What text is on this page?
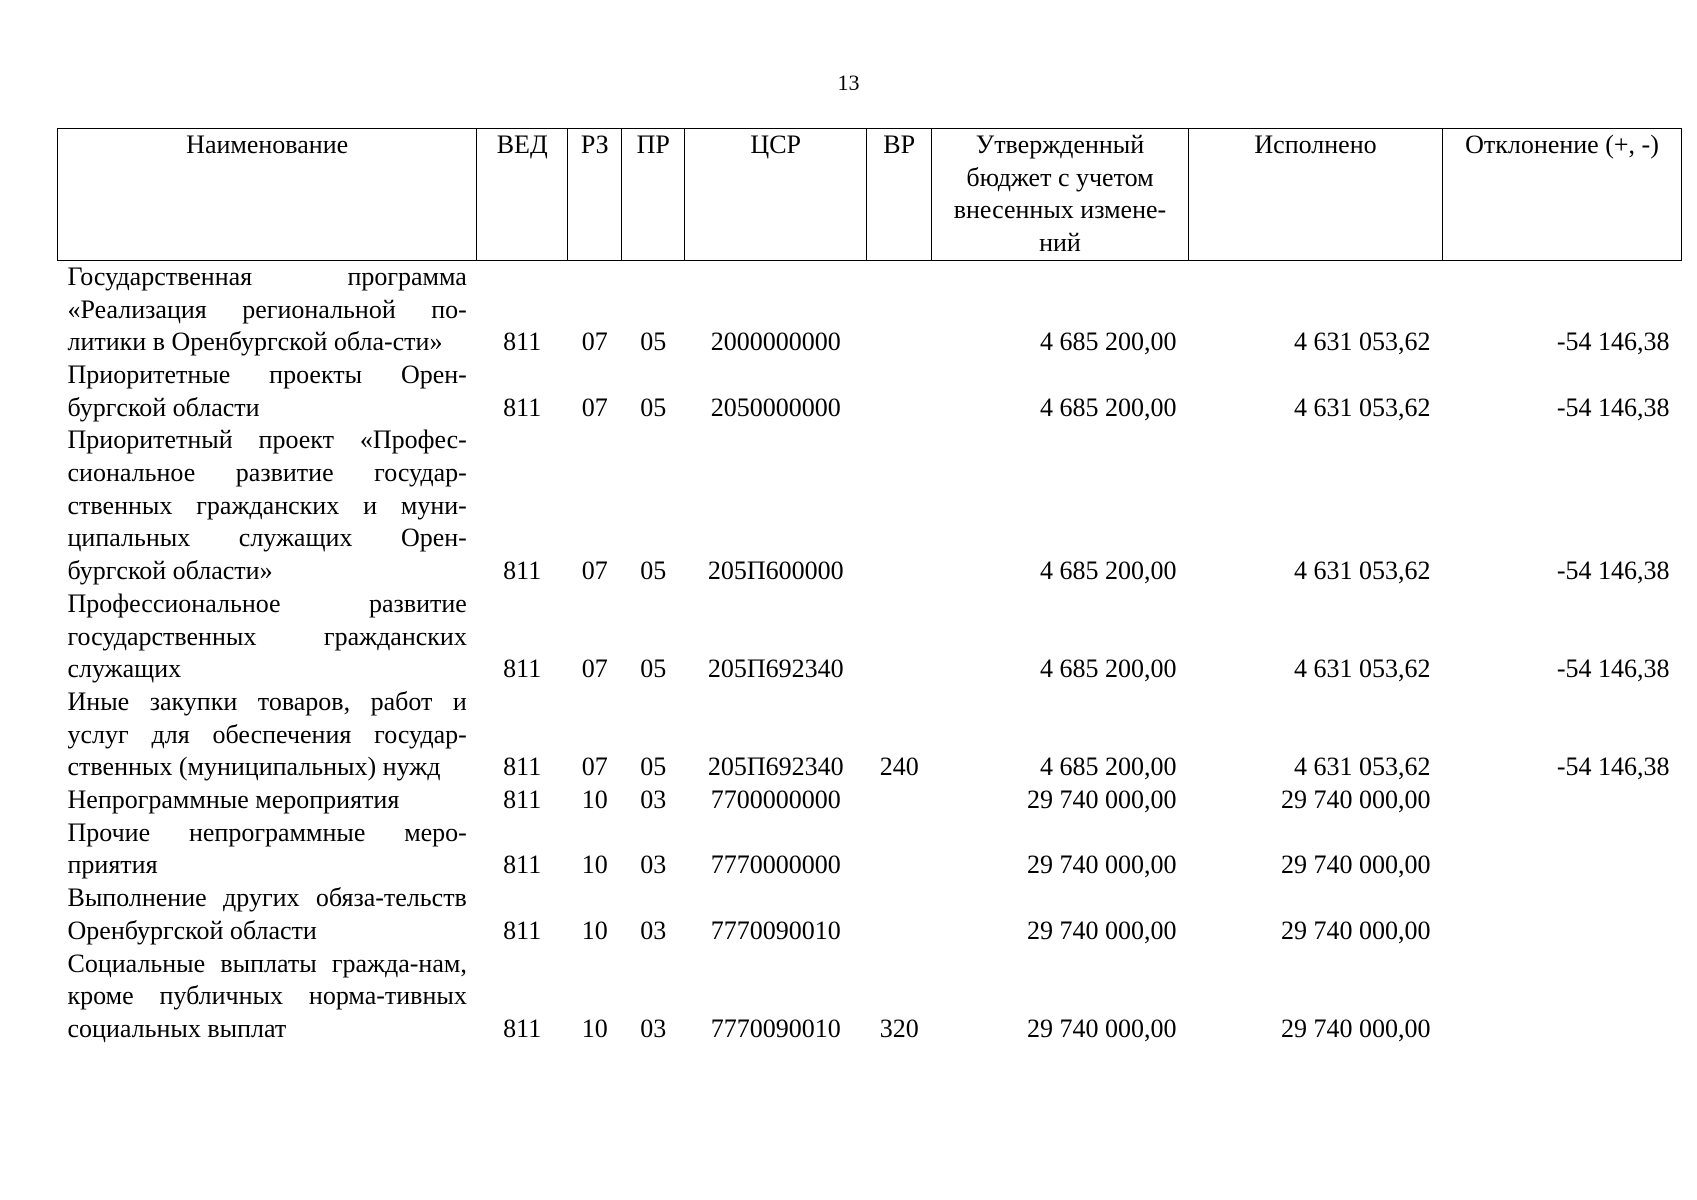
13
Наименование	ВЕД	РЗ	ПР	ЦСР	ВР	Утвержденный бюджет с учетом внесенных измене-ний	Исполнено	Отклонение (+, -)
Государственная программа «Реализация региональной по-литики в Оренбургской обла-сти»	811	07	05	2000000000		4 685 200,00	4 631 053,62	-54 146,38
Приоритетные проекты Орен-бургской области	811	07	05	2050000000		4 685 200,00	4 631 053,62	-54 146,38
Приоритетный проект «Профес-сиональное развитие государ-ственных гражданских и муни-ципальных служащих Орен-бургской области»	811	07	05	205П600000		4 685 200,00	4 631 053,62	-54 146,38
Профессиональное развитие государственных гражданских служащих	811	07	05	205П692340		4 685 200,00	4 631 053,62	-54 146,38
Иные закупки товаров, работ и услуг для обеспечения государ-ственных (муниципальных) нужд	811	07	05	205П692340	240	4 685 200,00	4 631 053,62	-54 146,38
Непрограммные мероприятия	811	10	03	7700000000		29 740 000,00	29 740 000,00	
Прочие непрограммные меро-приятия	811	10	03	7770000000		29 740 000,00	29 740 000,00	
Выполнение других обяза-тельств Оренбургской области	811	10	03	7770090010		29 740 000,00	29 740 000,00	
Социальные выплаты гражда-нам, кроме публичных норма-тивных социальных выплат	811	10	03	7770090010	320	29 740 000,00	29 740 000,00	
